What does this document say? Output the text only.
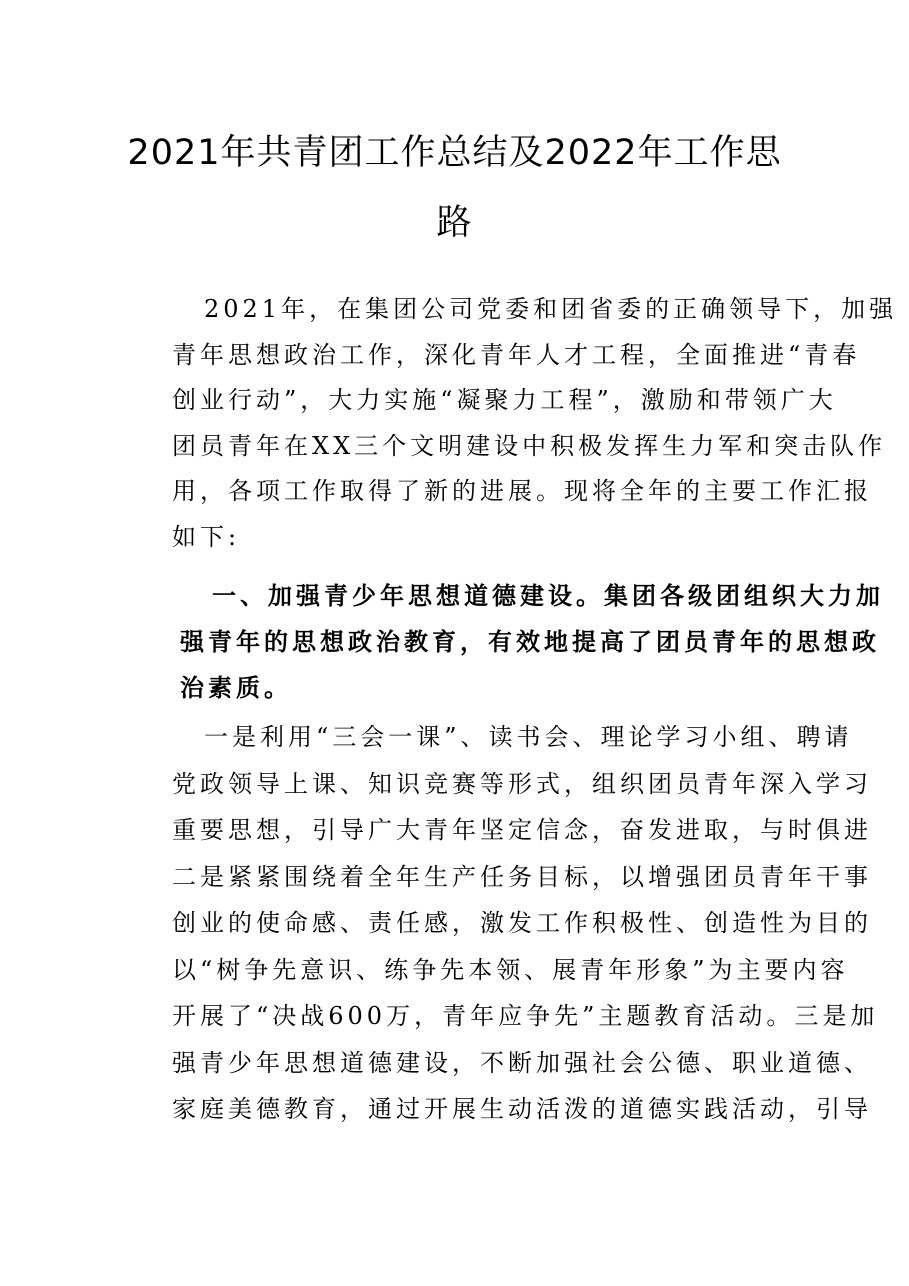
2021年共青团工作总结及2022年工作思
路
2021年，在集团公司党委和团省委的正确领导下，加强
青年思想政治工作，深化青年人才工程，全面推进“青春
创业行动”，大力实施“凝聚力工程”，激励和带领广大
团员青年在XX三个文明建设中积极发挥生力军和突击队作
用，各项工作取得了新的进展。现将全年的主要工作汇报
如下:
一、加强青少年思想道德建设。集团各级团组织大力加
强青年的思想政治教育，有效地提高了团员青年的思想政
治素质。
一是利用“三会一课”、读书会、理论学习小组、聘请
党政领导上课、知识竞赛等形式，组织团员青年深入学习
重要思想，引导广大青年坚定信念，奋发进取，与时俱进
二是紧紧围绕着全年生产任务目标，以增强团员青年干事
创业的使命感、责任感，激发工作积极性、创造性为目的
以“树争先意识、练争先本领、展青年形象”为主要内容
开展了“决战600万，青年应争先”主题教育活动。三是加
强青少年思想道德建设，不断加强社会公德、职业道德、
家庭美德教育，通过开展生动活泼的道德实践活动，引导
